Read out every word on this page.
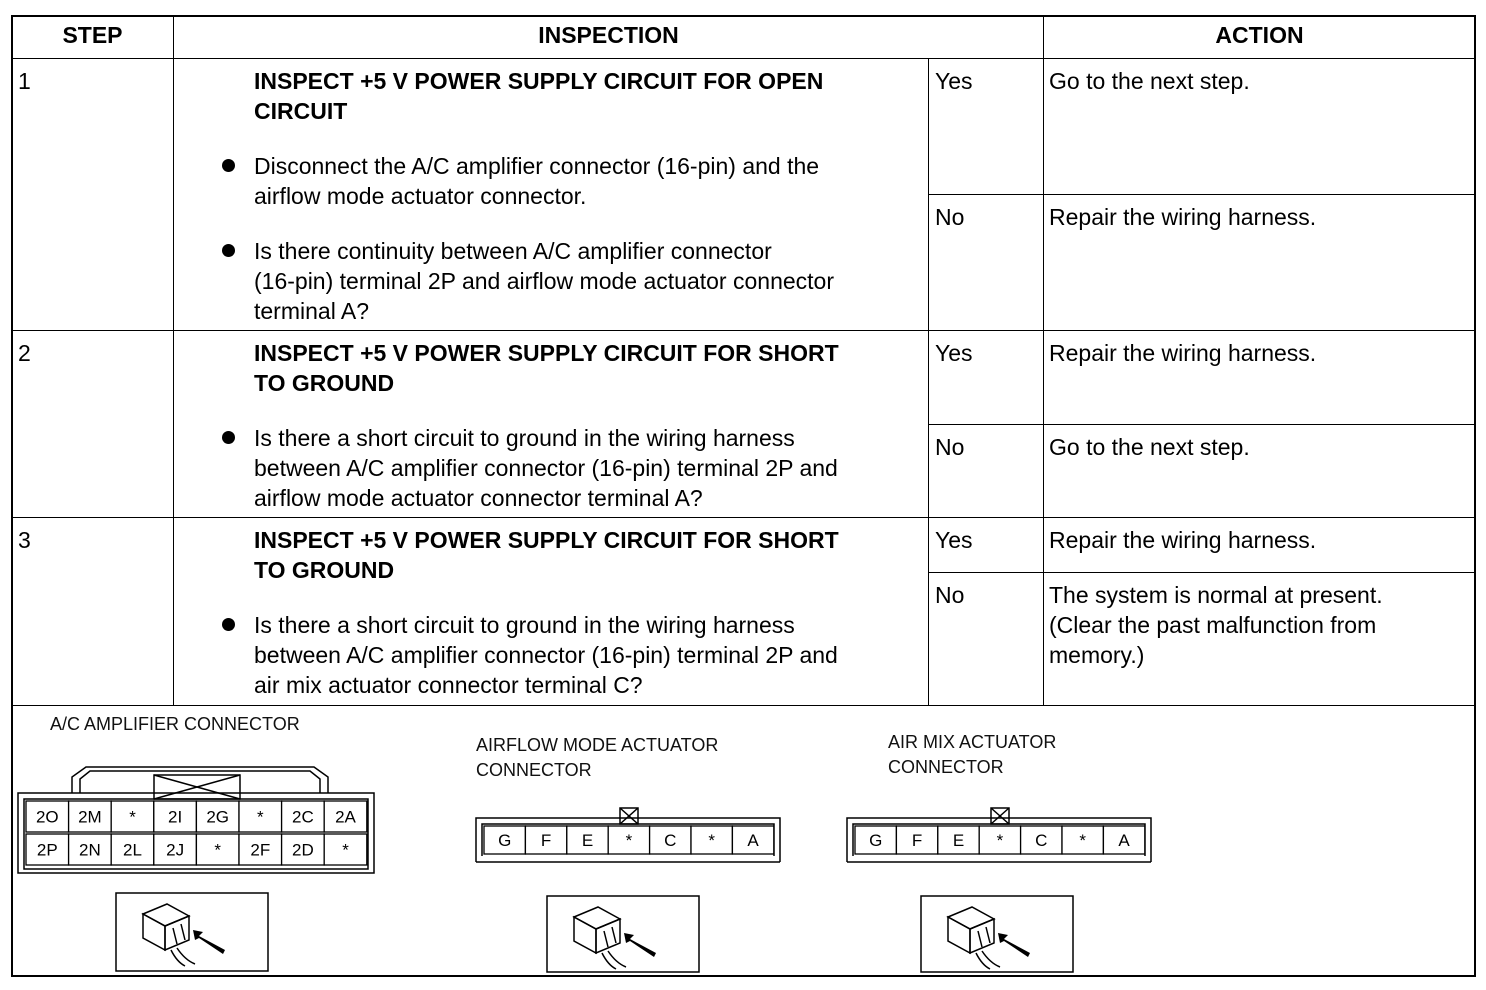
STEP	INSPECTION	ACTION
1	INSPECT +5 V POWER SUPPLY CIRCUIT FOR OPEN
CIRCUIT
Disconnect the A/C amplifier connector (16-pin) and the
airflow mode actuator connector.
Is there continuity between A/C amplifier connector
(16-pin) terminal 2P and airflow mode actuator connector
terminal A?
Yes	Go to the next step.
No	Repair the wiring harness.
2	INSPECT +5 V POWER SUPPLY CIRCUIT FOR SHORT
TO GROUND
Is there a short circuit to ground in the wiring harness
between A/C amplifier connector (16-pin) terminal 2P and
airflow mode actuator connector terminal A?
Yes	Repair the wiring harness.
No	Go to the next step.
3	INSPECT +5 V POWER SUPPLY CIRCUIT FOR SHORT
TO GROUND
Is there a short circuit to ground in the wiring harness
between A/C amplifier connector (16-pin) terminal 2P and
air mix actuator connector terminal C?
Yes	Repair the wiring harness.
No	The system is normal at present.
(Clear the past malfunction from
memory.)
A/C AMPLIFIER CONNECTOR
AIRFLOW MODE ACTUATOR
CONNECTOR
AIR MIX ACTUATOR
CONNECTOR
2O 2M * 2I 2G * 2C 2A
2P 2N 2L 2J * 2F 2D *	G F E * C * A	G F E * C * A
